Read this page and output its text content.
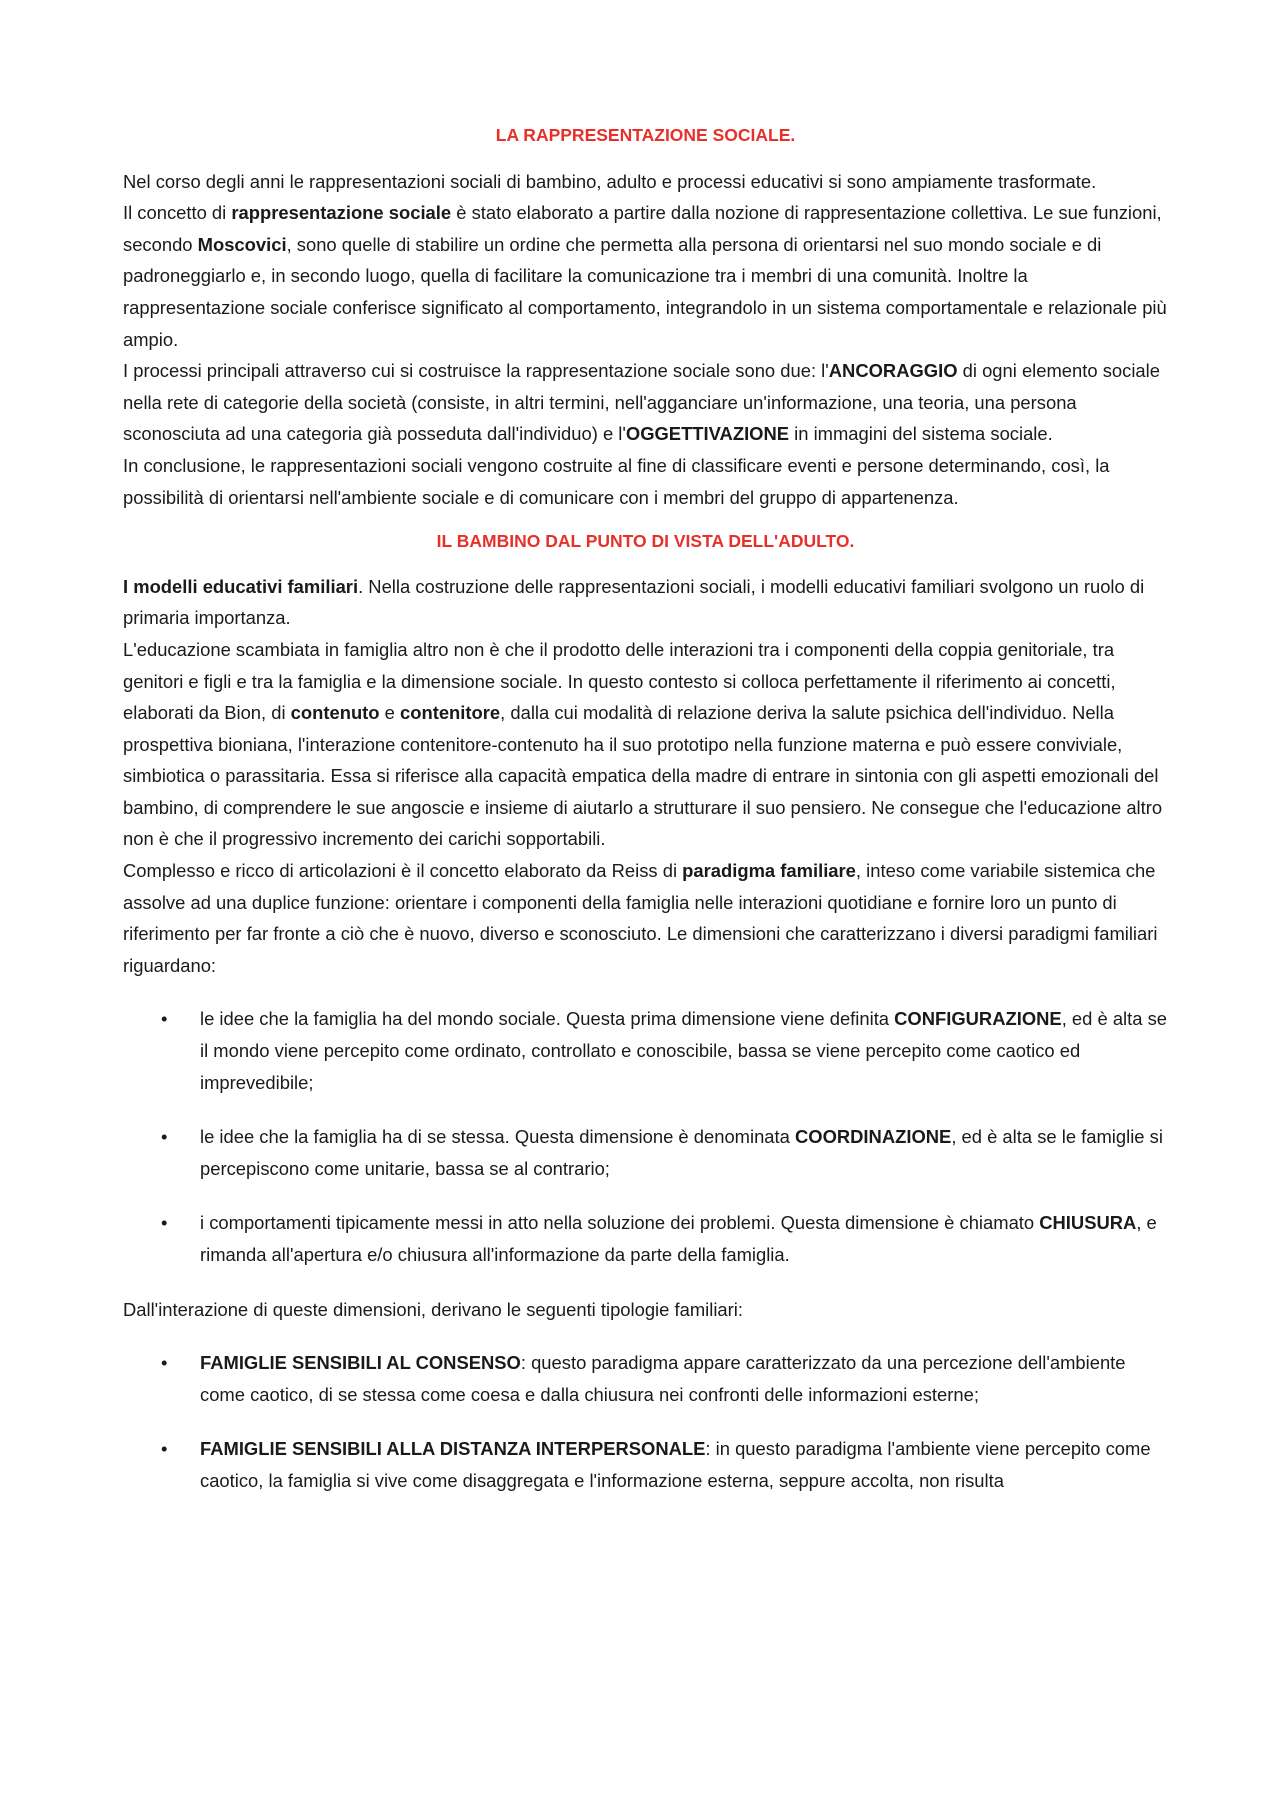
LA RAPPRESENTAZIONE SOCIALE.

Nel corso degli anni le rappresentazioni sociali di bambino, adulto e processi educativi si sono ampiamente trasformate.

Il concetto di rappresentazione sociale è stato elaborato a partire dalla nozione di rappresentazione collettiva. Le sue funzioni, secondo Moscovici, sono quelle di stabilire un ordine che permetta alla persona di orientarsi nel suo mondo sociale e di padroneggiarlo e, in secondo luogo, quella di facilitare la comunicazione tra i membri di una comunità. Inoltre la rappresentazione sociale conferisce significato al comportamento, integrandolo in un sistema comportamentale e relazionale più ampio.

I processi principali attraverso cui si costruisce la rappresentazione sociale sono due: l'ANCORAGGIO di ogni elemento sociale nella rete di categorie della società (consiste, in altri termini, nell'agganciare un'informazione, una teoria, una persona sconosciuta ad una categoria già posseduta dall'individuo) e l'OGGETTIVAZIONE in immagini del sistema sociale.

In conclusione, le rappresentazioni sociali vengono costruite al fine di classificare eventi e persone determinando, così, la possibilità di orientarsi nell'ambiente sociale e di comunicare con i membri del gruppo di appartenenza.

IL BAMBINO DAL PUNTO DI VISTA DELL'ADULTO.

I modelli educativi familiari. Nella costruzione delle rappresentazioni sociali, i modelli educativi familiari svolgono un ruolo di primaria importanza.

L'educazione scambiata in famiglia altro non è che il prodotto delle interazioni tra i componenti della coppia genitoriale, tra genitori e figli e tra la famiglia e la dimensione sociale. In questo contesto si colloca perfettamente il riferimento ai concetti, elaborati da Bion, di contenuto e contenitore, dalla cui modalità di relazione deriva la salute psichica dell'individuo. Nella prospettiva bioniana, l'interazione contenitore-contenuto ha il suo prototipo nella funzione materna e può essere conviviale, simbiotica o parassitaria. Essa si riferisce alla capacità empatica della madre di entrare in sintonia con gli aspetti emozionali del bambino, di comprendere le sue angoscie e insieme di aiutarlo a strutturare il suo pensiero. Ne consegue che l'educazione altro non è che il progressivo incremento dei carichi sopportabili.

Complesso e ricco di articolazioni è il concetto elaborato da Reiss di paradigma familiare, inteso come variabile sistemica che assolve ad una duplice funzione: orientare i componenti della famiglia nelle interazioni quotidiane e fornire loro un punto di riferimento per far fronte a ciò che è nuovo, diverso e sconosciuto. Le dimensioni che caratterizzano i diversi paradigmi familiari riguardano:

• le idee che la famiglia ha del mondo sociale. Questa prima dimensione viene definita CONFIGURAZIONE, ed è alta se il mondo viene percepito come ordinato, controllato e conoscibile, bassa se viene percepito come caotico ed imprevedibile;
• le idee che la famiglia ha di se stessa. Questa dimensione è denominata COORDINAZIONE, ed è alta se le famiglie si percepiscono come unitarie, bassa se al contrario;
• i comportamenti tipicamente messi in atto nella soluzione dei problemi. Questa dimensione è chiamato CHIUSURA, e rimanda all'apertura e/o chiusura all'informazione da parte della famiglia.

Dall'interazione di queste dimensioni, derivano le seguenti tipologie familiari:

• FAMIGLIE SENSIBILI AL CONSENSO: questo paradigma appare caratterizzato da una percezione dell'ambiente come caotico, di se stessa come coesa e dalla chiusura nei confronti delle informazioni esterne;
• FAMIGLIE SENSIBILI ALLA DISTANZA INTERPERSONALE: in questo paradigma l'ambiente viene percepito come caotico, la famiglia si vive come disaggregata e l'informazione esterna, seppure accolta, non risulta
